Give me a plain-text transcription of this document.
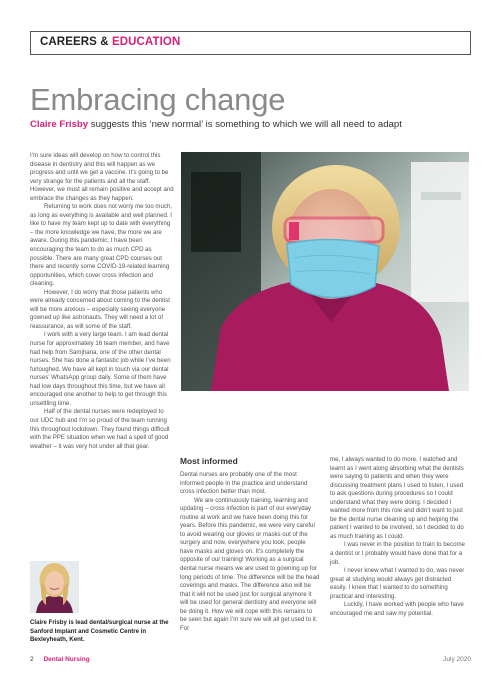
CAREERS & EDUCATION
Embracing change
Claire Frisby suggests this ‘new normal’ is something to which we will all need to adapt

I’m sure ideas will develop on how to control this disease in dentistry and this will happen as we progress and until we get a vaccine. It’s going to be very strange for the patients and all the staff. However, we must all remain positive and accept and embrace the changes as they happen.

Returning to work does not worry me too much, as long as everything is available and well planned. I like to have my team kept up to date with everything – the more knowledge we have, the more we are aware. During this pandemic, I have been encouraging the team to do as much CPD as possible. There are many great CPD courses out there and recently some COVID-19-related learning opportunities, which cover cross infection and cleaning.

However, I do worry that those patients who were already concerned about coming to the dentist will be more anxious – especially seeing everyone gowned up like astronauts. They will need a lot of reassurance, as will some of the staff.

I work with a very large team. I am lead dental nurse for approximately 16 team member, and have had help from Samjhana, one of the other dental nurses. She has done a fantastic job while I’ve been furloughed. We have all kept in touch via our dental nurses’ WhatsApp group daily. Some of them have had low days throughout this time, but we have all encouraged one another to help to get through this unsettling time.

Half of the dental nurses were redeployed to our UDC hub and I’m so proud of the team running this throughout lockdown. They found things difficult with the PPE situation when we had a spell of good weather – it was very hot under all that gear.

Most informed

Dental nurses are probably one of the most informed people in the practice and understand cross infection better than most.

We are continuously training, learning and updating – cross infection is part of our everyday routine at work and we have been doing this for years. Before this pandemic, we were very careful to avoid wearing our gloves or masks out of the surgery and now, everywhere you look, people have masks and gloves on. It’s completely the opposite of our training! Working as a surgical dental nurse means we are used to gowning up for long periods of time. The difference will be the head coverings and masks. The difference also will be that it will not be used just for surgical anymore it will be used for general dentistry and everyone will be doing it. How we will cope with this remains to be seen but again I’m sure we will all get used to it. For

me, I always wanted to do more. I watched and learnt as I went along absorbing what the dentists were saying to patients and when they were discussing treatment plans I used to listen, I used to ask questions during procedures so I could understand what they were doing. I decided I wanted more from this role and didn’t want to just be the dental nurse cleaning up and helping the patient I wanted to be involved, so I decided to do as much training as I could.

I was never in the position to train to become a dentist or I probably would have done that for a job.

I never knew what I wanted to do, was never great at studying would always get distracted easily. I knew that I wanted to do something practical and interesting.

Luckily, I have worked with people who have encouraged me and saw my potential.

Claire Frisby is lead dental/surgical nurse at the Sanford Implant and Cosmetic Centre in Bexleyheath, Kent.
2 Dental Nursing	July 2020
